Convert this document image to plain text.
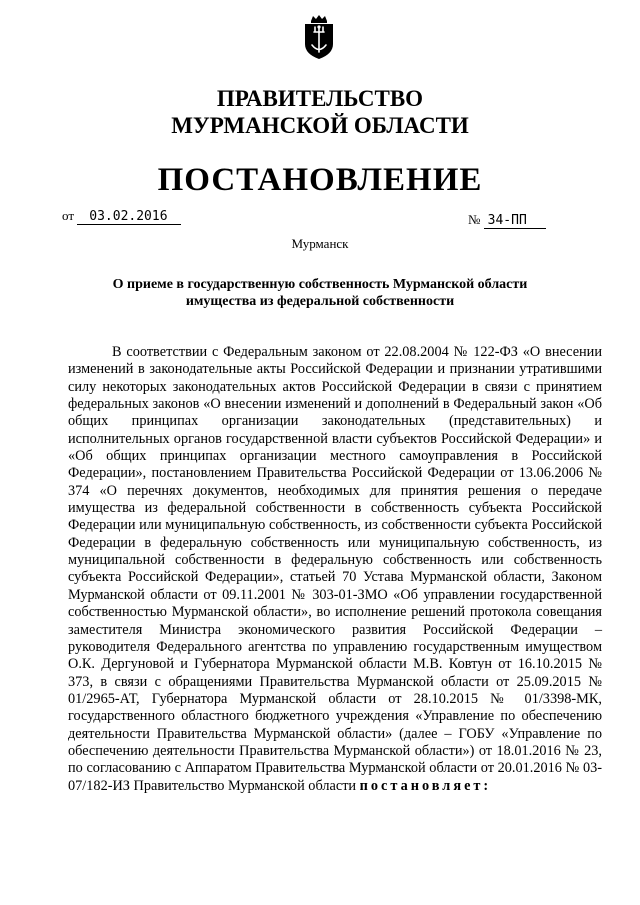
ПРАВИТЕЛЬСТВО
МУРМАНСКОЙ ОБЛАСТИ
ПОСТАНОВЛЕНИЕ
от 03.02.2016	№ 34-ПП
Мурманск
О приеме в государственную собственность Мурманской области имущества из федеральной собственности

В соответствии с Федеральным законом от 22.08.2004 № 122-ФЗ «О внесении изменений в законодательные акты Российской Федерации и признании утратившими силу некоторых законодательных актов Российской Федерации в связи с принятием федеральных законов «О внесении изменений и дополнений в Федеральный закон «Об общих принципах организации законодательных (представительных) и исполнительных органов государственной власти субъектов Российской Федерации» и «Об общих принципах организации местного самоуправления в Российской Федерации», постановлением Правительства Российской Федерации от 13.06.2006 № 374 «О перечнях документов, необходимых для принятия решения о передаче имущества из федеральной собственности в собственность субъекта Российской Федерации или муниципальную собственность, из собственности субъекта Российской Федерации в федеральную собственность или муниципальную собственность, из муниципальной собственности в федеральную собственность или собственность субъекта Российской Федерации», статьей 70 Устава Мурманской области, Законом Мурманской области от 09.11.2001 № 303-01-ЗМО «Об управлении государственной собственностью Мурманской области», во исполнение решений протокола совещания заместителя Министра экономического развития Российской Федерации – руководителя Федерального агентства по управлению государственным имуществом О.К. Дергуновой и Губернатора Мурманской области М.В. Ковтун от 16.10.2015 № 373, в связи с обращениями Правительства Мурманской области от 25.09.2015 № 01/2965-АТ, Губернатора Мурманской области от 28.10.2015 № 01/3398-МК, государственного областного бюджетного учреждения «Управление по обеспечению деятельности Правительства Мурманской области» (далее – ГОБУ «Управление по обеспечению деятельности Правительства Мурманской области») от 18.01.2016 № 23, по согласованию с Аппаратом Правительства Мурманской области от 20.01.2016 № 03-07/182-ИЗ Правительство Мурманской области постановляет:
